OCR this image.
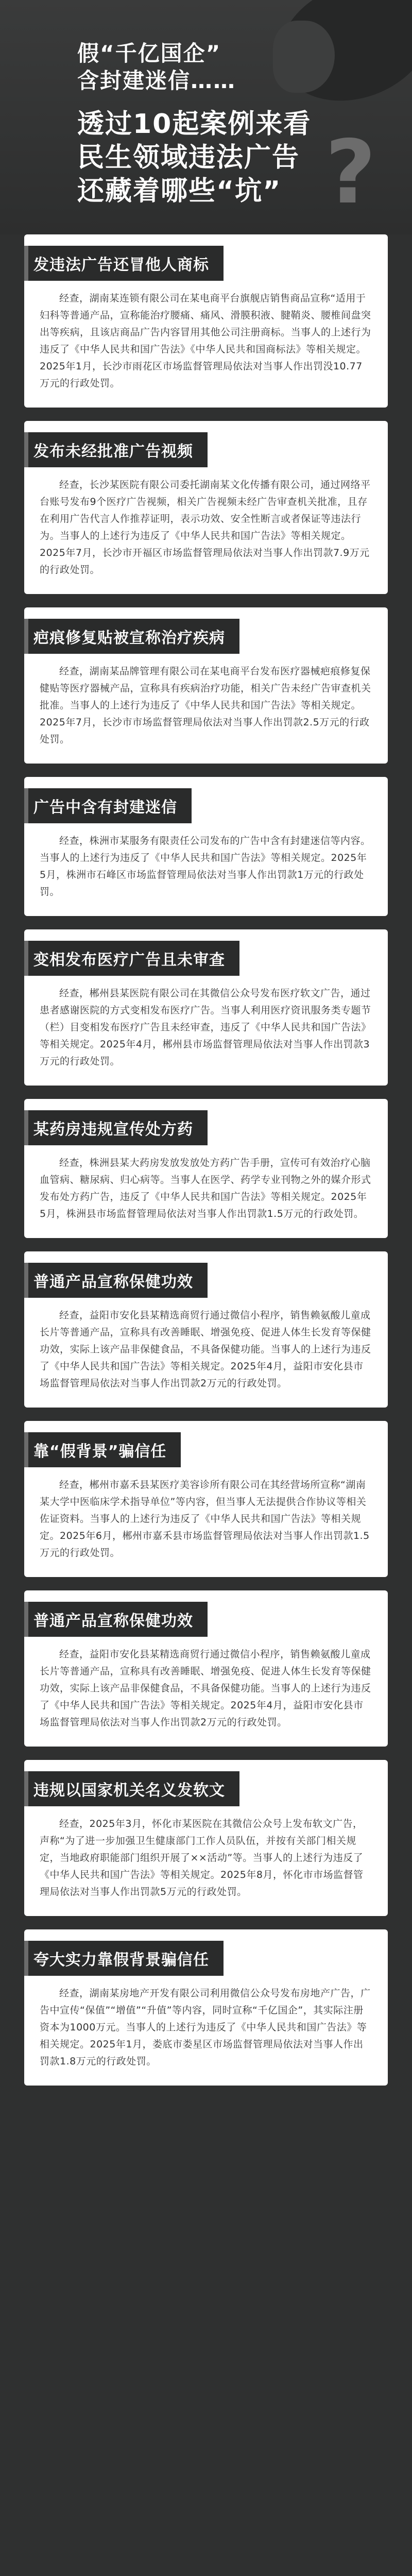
?
假“千亿国企”
含封建迷信……
透过10起案例来看
民生领域违法广告
还藏着哪些“坑”
发违法广告还冒他人商标

经查，湖南某连锁有限公司在某电商平台旗舰店销售商品宣称“适用于妇科等普通产品，宣称能治疗腰痛、痛风、滑膜积液、腱鞘炎、腰椎间盘突出等疾病，且该店商品广告内容冒用其他公司注册商标。当事人的上述行为违反了《中华人民共和国广告法》《中华人民共和国商标法》等相关规定。2025年1月，长沙市雨花区市场监督管理局依法对当事人作出罚没10.77万元的行政处罚。

发布未经批准广告视频

经查，长沙某医院有限公司委托湖南某文化传播有限公司，通过网络平台账号发布9个医疗广告视频，相关广告视频未经广告审查机关批准，且存在利用广告代言人作推荐证明，表示功效、安全性断言或者保证等违法行为。当事人的上述行为违反了《中华人民共和国广告法》等相关规定。2025年7月，长沙市开福区市场监督管理局依法对当事人作出罚款7.9万元的行政处罚。

疤痕修复贴被宣称治疗疾病

经查，湖南某品牌管理有限公司在某电商平台发布医疗器械疤痕修复保健贴等医疗器械产品，宣称具有疾病治疗功能，相关广告未经广告审查机关批准。当事人的上述行为违反了《中华人民共和国广告法》等相关规定。2025年7月，长沙市市场监督管理局依法对当事人作出罚款2.5万元的行政处罚。

广告中含有封建迷信

经查，株洲市某服务有限责任公司发布的广告中含有封建迷信等内容。当事人的上述行为违反了《中华人民共和国广告法》等相关规定。2025年5月，株洲市石峰区市场监督管理局依法对当事人作出罚款1万元的行政处罚。

变相发布医疗广告且未审查

经查，郴州县某医院有限公司在其微信公众号发布医疗软文广告，通过患者感谢医院的方式变相发布医疗广告。当事人利用医疗资讯服务类专题节（栏）目变相发布医疗广告且未经审查，违反了《中华人民共和国广告法》等相关规定。2025年4月，郴州县市场监督管理局依法对当事人作出罚款3万元的行政处罚。

某药房违规宣传处方药

经查，株洲县某大药房发放发放处方药广告手册，宣传可有效治疗心脑血管病、糖尿病、归心病等。当事人在医学、药学专业刊物之外的媒介形式发布处方药广告，违反了《中华人民共和国广告法》等相关规定。2025年5月，株洲县市场监督管理局依法对当事人作出罚款1.5万元的行政处罚。

普通产品宣称保健功效

经查，益阳市安化县某精选商贸行通过微信小程序，销售赖氨酸儿童成长片等普通产品，宣称具有改善睡眠、增强免疫、促进人体生长发育等保健功效，实际上该产品非保健食品，不具备保健功能。当事人的上述行为违反了《中华人民共和国广告法》等相关规定。2025年4月，益阳市安化县市场监督管理局依法对当事人作出罚款2万元的行政处罚。

靠“假背景”骗信任

经查，郴州市嘉禾县某医疗美容诊所有限公司在其经营场所宣称“湖南某大学中医临床学术指导单位”等内容，但当事人无法提供合作协议等相关佐证资料。当事人的上述行为违反了《中华人民共和国广告法》等相关规定。2025年6月，郴州市嘉禾县市场监督管理局依法对当事人作出罚款1.5万元的行政处罚。

普通产品宣称保健功效

经查，益阳市安化县某精选商贸行通过微信小程序，销售赖氨酸儿童成长片等普通产品，宣称具有改善睡眠、增强免疫、促进人体生长发育等保健功效，实际上该产品非保健食品，不具备保健功能。当事人的上述行为违反了《中华人民共和国广告法》等相关规定。2025年4月，益阳市安化县市场监督管理局依法对当事人作出罚款2万元的行政处罚。

违规以国家机关名义发软文

经查，2025年3月，怀化市某医院在其微信公众号上发布软文广告，声称“为了进一步加强卫生健康部门工作人员队伍，并按有关部门相关规定，当地政府职能部门组织开展了××活动”等。当事人的上述行为违反了《中华人民共和国广告法》等相关规定。2025年8月，怀化市市场监督管理局依法对当事人作出罚款5万元的行政处罚。

夸大实力靠假背景骗信任

经查，湖南某房地产开发有限公司利用微信公众号发布房地产广告，广告中宣传“保值”“增值”“升值”等内容，同时宣称“千亿国企”，其实际注册资本为1000万元。当事人的上述行为违反了《中华人民共和国广告法》等相关规定。2025年1月，娄底市娄星区市场监督管理局依法对当事人作出罚款1.8万元的行政处罚。
